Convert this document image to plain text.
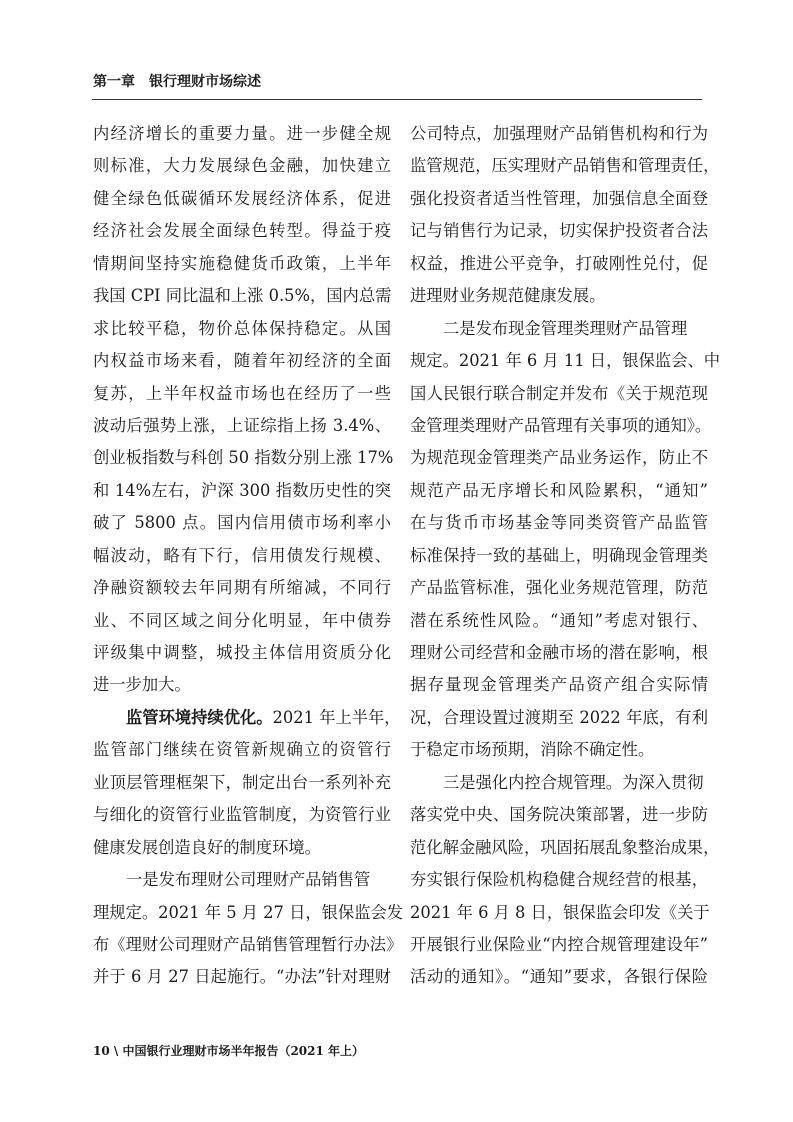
第一章 银行理财市场综述
内经济增长的重要力量。进一步健全规
则标准，大力发展绿色金融，加快建立
健全绿色低碳循环发展经济体系，促进
经济社会发展全面绿色转型。得益于疫
情期间坚持实施稳健货币政策，上半年
我国 CPI 同比温和上涨 0.5%，国内总需
求比较平稳，物价总体保持稳定。从国
内权益市场来看，随着年初经济的全面
复苏，上半年权益市场也在经历了一些
波动后强势上涨，上证综指上扬 3.4%、
创业板指数与科创 50 指数分别上涨 17%
和 14%左右，沪深 300 指数历史性的突
破了 5800 点。国内信用债市场利率小
幅波动，略有下行，信用债发行规模、
净融资额较去年同期有所缩减，不同行
业、不同区域之间分化明显，年中债券
评级集中调整，城投主体信用资质分化
进一步加大。
监管环境持续优化。2021 年上半年，
监管部门继续在资管新规确立的资管行
业顶层管理框架下，制定出台一系列补充
与细化的资管行业监管制度，为资管行业
健康发展创造良好的制度环境。
一是发布理财公司理财产品销售管
理规定。2021 年 5 月 27 日，银保监会发
布《理财公司理财产品销售管理暂行办法》
并于 6 月 27 日起施行。“办法”针对理财
公司特点，加强理财产品销售机构和行为
监管规范，压实理财产品销售和管理责任，
强化投资者适当性管理，加强信息全面登
记与销售行为记录，切实保护投资者合法
权益，推进公平竞争，打破刚性兑付，促
进理财业务规范健康发展。
二是发布现金管理类理财产品管理
规定。2021 年 6 月 11 日，银保监会、中
国人民银行联合制定并发布《关于规范现
金管理类理财产品管理有关事项的通知》。
为规范现金管理类产品业务运作，防止不
规范产品无序增长和风险累积，“通知”
在与货币市场基金等同类资管产品监管
标准保持一致的基础上，明确现金管理类
产品监管标准，强化业务规范管理，防范
潜在系统性风险。“通知”考虑对银行、
理财公司经营和金融市场的潜在影响，根
据存量现金管理类产品资产组合实际情
况，合理设置过渡期至 2022 年底，有利
于稳定市场预期，消除不确定性。
三是强化内控合规管理。为深入贯彻
落实党中央、国务院决策部署，进一步防
范化解金融风险，巩固拓展乱象整治成果，
夯实银行保险机构稳健合规经营的根基，
2021 年 6 月 8 日，银保监会印发《关于
开展银行业保险业“内控合规管理建设年”
活动的通知》。“通知”要求，各银行保险
10 \ 中国银行业理财市场半年报告（2021 年上）
